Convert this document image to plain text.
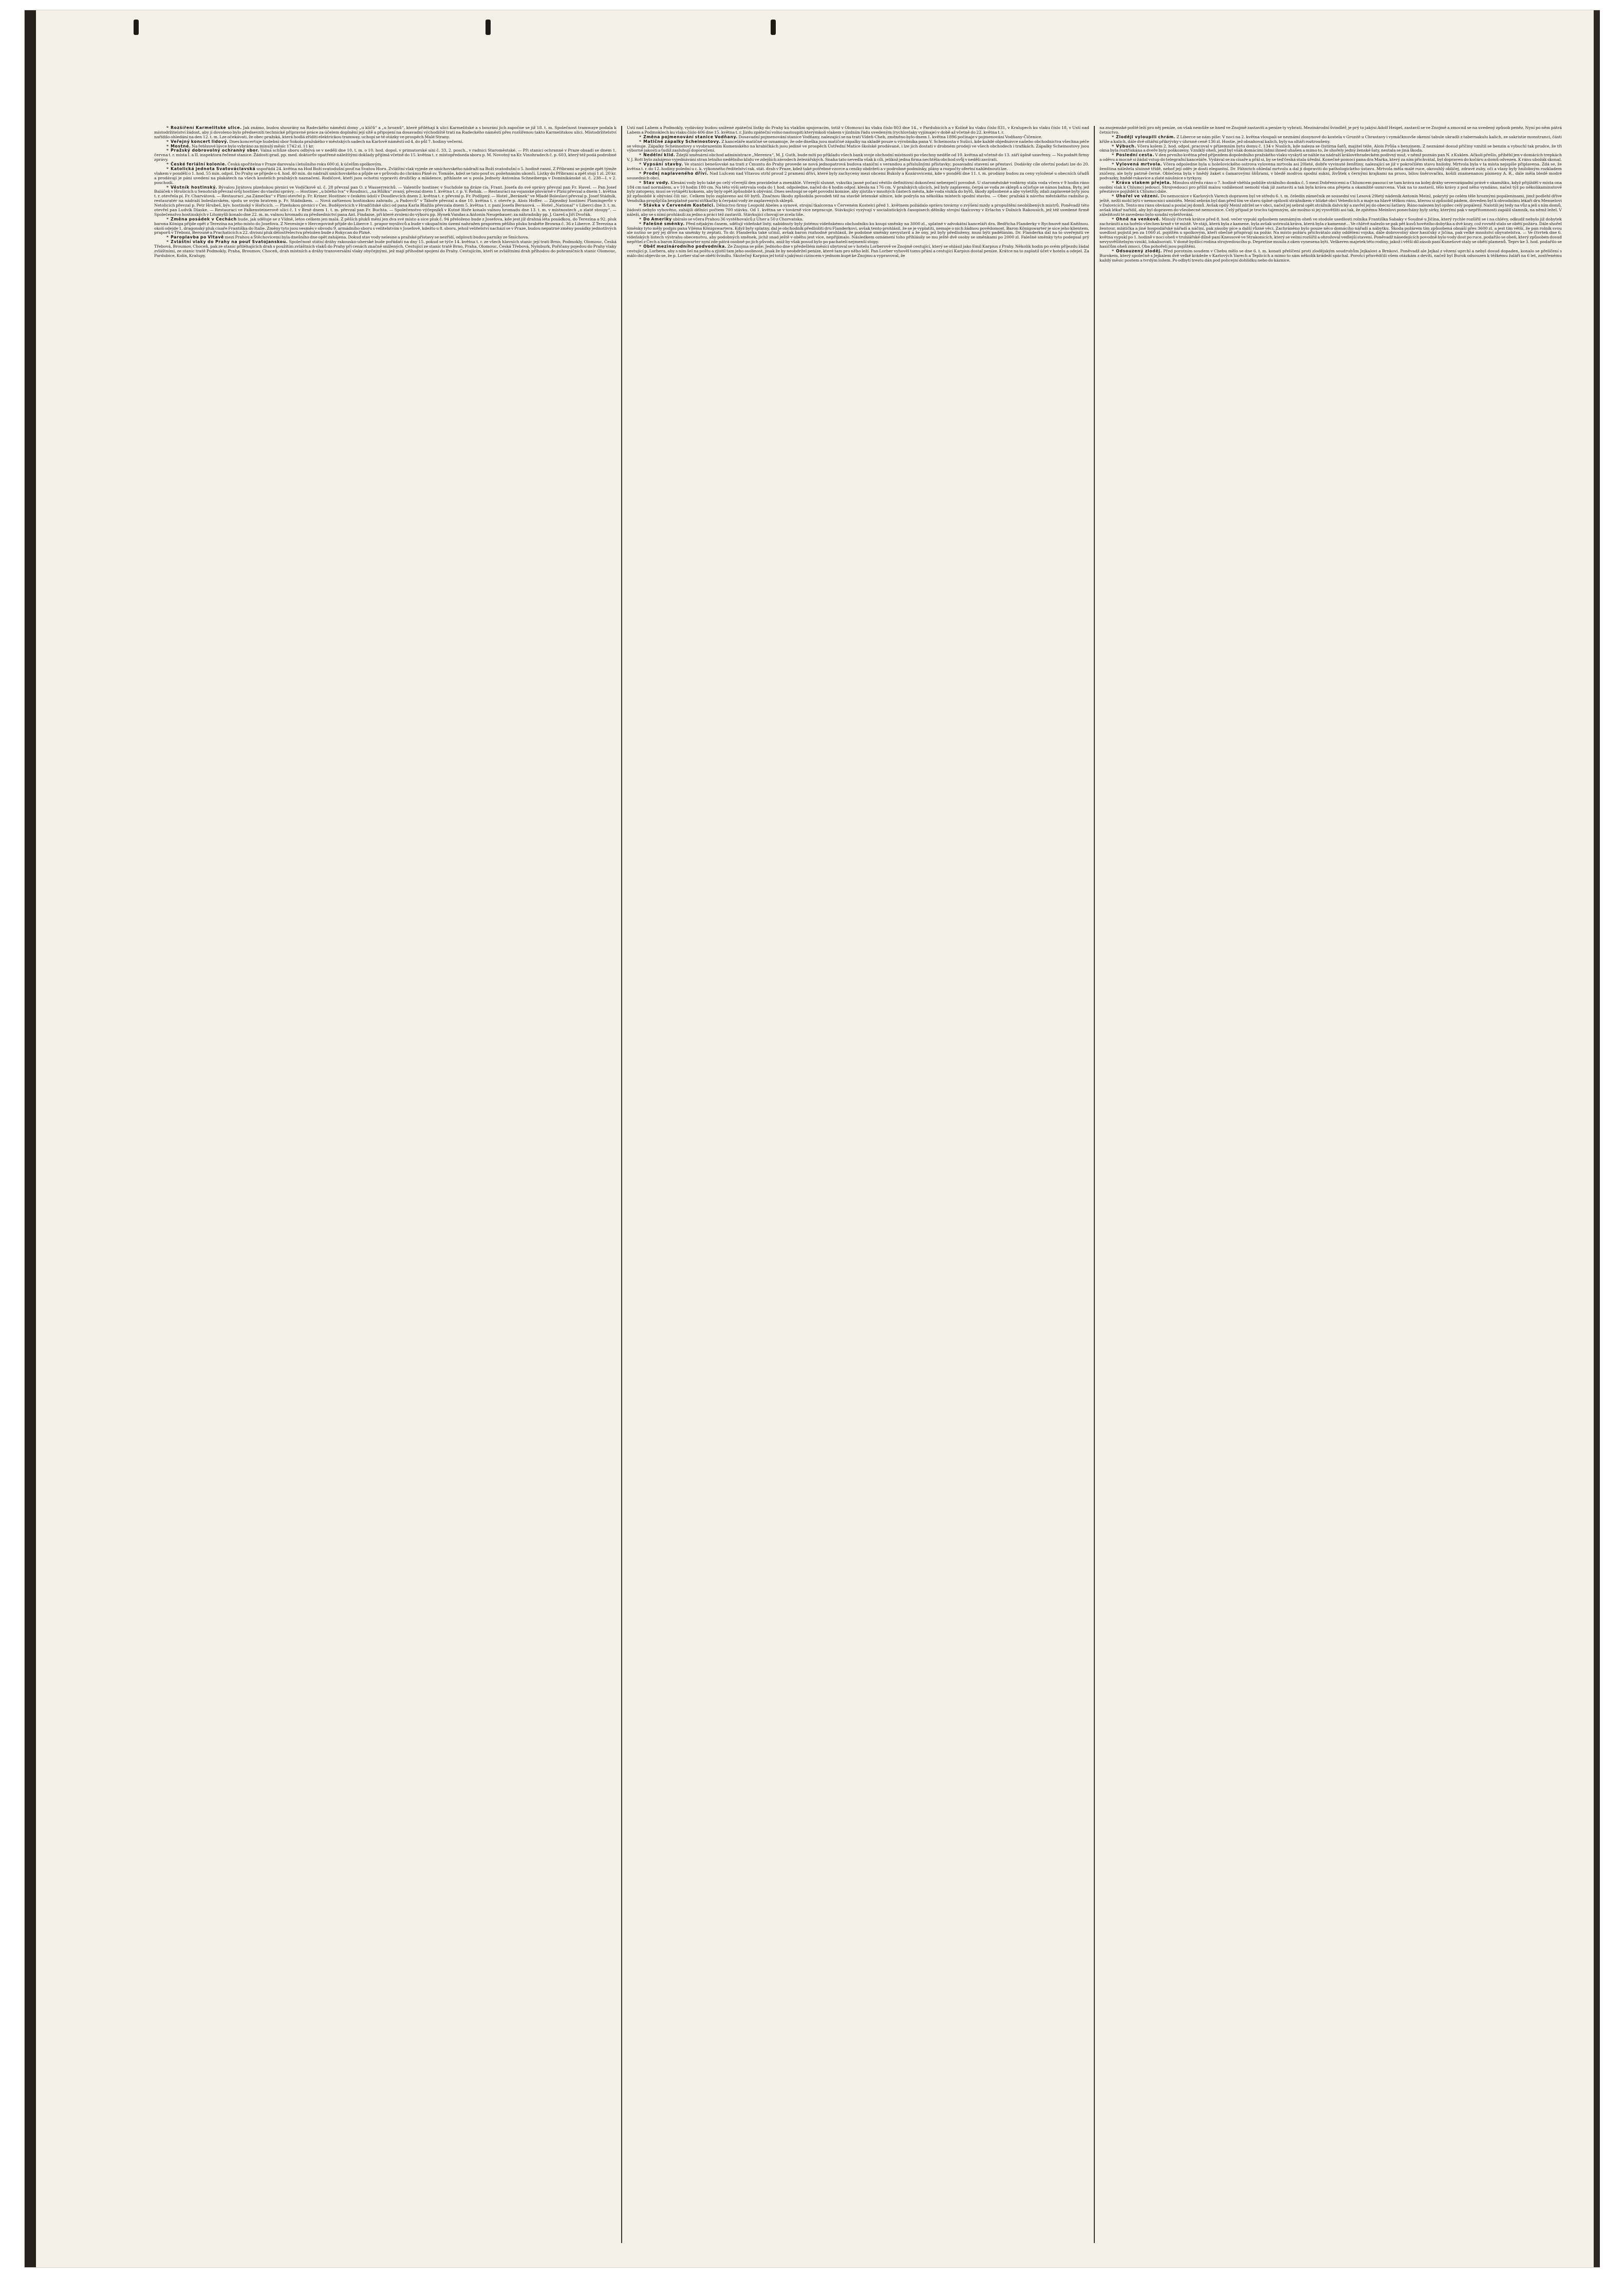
* Rozšíření Karmelitské ulice. Jak známo, budou shourány na Radeckého náměstí domy „u klíčů“ a „u hroznů“, které přiléhají k ulici Karmelitské a s bourání jich započne se již 18. t. m. Společnost tramwaye podala k místodržitelství žádost, aby jí dovoleno bylo předsevzíti technické přípravné práce za účelem doplnění její sítě a připojení na dosavadní východiště trati na Radeckého náměstí přes rozšířenou takto Karmelitskou ulici. Místodržitelství nařídilo ohledání na den 12. t. m. Lze očekávati, že obec pražská, která hodlá zříditi elektrickou tramway, uchopí se té otázky ve prospěch Malé Strany.

* Veřejný koncert lidový. Dnes koncertuje hudební sbor Sokola pražského v městských sadech na Karlově náměstí od 4. do půl 7. hodiny večerní.

* Mostné. Na řetězové lávce bylo vybráno za minulý měsíc 1742 zl. 11 kr.

* Pražský dobrovolný ochranný sbor. Valná schůze sboru odbývá se v neděli dne 10. t. m. o 10. hod. dopol. v primatorské síni č. 33, 2. posch., v radnici Staroměstské. — Při stanici ochranné v Praze obsadí se dnem 1. června t. r. místa I. a II. inspektora řečené stanice. Žádosti grad. pp. med. doktorův opatřené náležitými doklady přijímá včetně do 15. května t. r. místopředseda sboru p. M. Novotný na Kr. Vinohradech č. p. 603, který též podá podrobné zprávy.

* České feriální kolonie. Česká spořitelna v Praze darovala i letošního roku 600 zl. k účelům spolkovým.

* Katolická jednota Svatováclavská uspořádá 24. května na Hod Boží svatodušní pouť na Svatou Horu. Zvláštní vlak vyjede ze smíchovského nádraží na Boží svatodušní o 5. hodině ranní. Z Příbrami se pojede zpět týmže vlakem v pondělí o 1. hod. 55 min. odpol. Do Prahy se přijede o 4. hod. 40 min. do nádraží smíchovského a půjde se v průvodu do chrámu Páně sv. Tomáše, kdež se tato pouť sv. požehnáním ukončí. Lístky do Příbrami a zpět stojí 1 zl. 20 kr. a prodávají je páni uvedení na plakátech na všech kostelích pražských naznačení. Rodičové, kteří jsou ochotni vypraviti družičky a mládence, přihlaste se u posla Jednoty Antonína Schneiberga v Dominikánské ul. č. 238—I. v 2. poschodí.

* Věstník hostinský. Bývalou Jirátovu plzeňskou pivnici ve Vodičkově ul. č. 28 převzal pan O. z Wasserreichů. — Valentův hostinec v Suchdole na dráze cís. Frant. Josefa do své správy převzal pan Fr. Havel. — Pan Josef Baláček v Hrušicích u Senohrab převzal svůj hostinec do vlastní správy. — Hostinec „u bílého lva“ v Roudnici, „na Růžku“ zvaný, převzal dnem 1. května t. r. p. V. Řehák. — Restauraci na vojanské plovárně v Plzni převzal a dnem 1. května t. r. otevřela pí. Fr. Charvátová. — Restauraci „na Zámečku“ v Plzni otevřel p. Fr. Kriner. Hostinec v českém údolí v Doudlevcích dnem 2. května t. r. převzal p. Fr. Podlipný. — Hotel „Beránek“ ve Mladé Boleslavi převzal p. Josef Stádník, restauratér na nádraží boleslavském, spolu se svým bratrem p. Fr. Stádníkem. — Nová zařízenou hostinskou zahradu „u Padovců“ v Táboře převzal a dne 10. května t. r. otevře p. Alois Hoffer. — Zájezdný hostinec Plamingerův v Netolicích převzal p. Petr Hrubeš, býv. hostinský v Hořicích. — Plzeňskou pivnici v Čes. Budějovicích v Hradčitské ulici od pana Karla Blažila převzala dnem 5. května t. r. paní Josefa Berauová. — Hotel „National“ v Liberci dne 3. t. m. otevřel pan Ludvík Dlaske. — Restauraci ve Falkensteinerově ulici č. 1 v Brně dnem 1. t. m. převzal pan Fr. Buchta. — Společenstvo výčepníků v Kutné Hoře konalo valnou hromadu dne 13. t. m. v místnostech „u zlaté stoupy“. — Společenstvo hostinských v Litomyšli konalo dne 22. m. m. valnou hromadu za předsednictví pana Ant. Findaise, při které zvoleni do výboru pp. Hynek Vandas a Antonín Neugebauer; za náhradníky pp. J. Gareš a Jiří Dvořák.

* Změna posádek v Čechách bude, jak sděluje se z Vídně, letos celkem jen malá. Z pěších pluků mění jen dva své místo a sice pluk č. 94 přeloženo bude z Josefova, kde jest jíž drahná léta posádkou, do Terezína a 92. pluk barona Königa přijde opět z Terezína na jeho místo do Josefova. Z Nevesinje v Hercegovině přijde do Liberce 1. prapor myslivců a bude v okupačním území nahražen praporem pěšího pluku hraběte Browna č. 36 z Liberce. Z Terezína a okolí odejde 1. dragonský pluk císaře Františka do Italie. Změny tyto jsou vesměs v obvodu 9. armádního sboru s velitelstvím v Josefově, kdežto u 8. sboru, jehož velitelství nachází se v Praze, budou nepatrné změny posádky jednotlivých praporů v Třeboni, Berouně a Prachaticích a 22. divisní pluk dělostřelectva přeložen bude z Rokycan do Plzně.

* Paroplavba po Vltavě mezi Prahou a Štěchovicemi byla dnešního dne opět zahájena. Dokud stav vody nelesne a pražské přístavy se nezřídí, odplouti budou parníky ze Smíchova.

* Zvláštní vlaky do Prahy na pouť Svatojanskou. Společnost státní dráhy rakousko-uherské bude pořádati na dny 15. pokud se týče 14. května t. r. ze všech hlavních stanic její trati Brno, Podmokly, Olomouc, Česká Třebová, Broumov, Choceň, pak ze stanic přiléhajících drah s použitím zvláštních vlaků do Prahy při cenách značně snížených. Cestující ze stanic tratě Brno, Praha, Olomouc, Česká Třebová, Nymburk, Pořičany pojedou do Prahy vlaky zvláštními, ze stanic tratě Podmokly, Praha, Broumov, Choceň, drah místních a dráhy transversální vlaky obyčejnými, jež mají příhodné spojení do Prahy. Cestujícím, kteří se zvláštními drah příhodou do pohraničních stanic Olomouc, Pardubice, Kolín, Kralupy,

Ústí nad Labem a Podmokly, vydávány budou snížené zpáteční lístky do Prahy ku vlakům spojovacím, totiž v Olomouci ku vlaku číslo 803 dne 14., v Pardubicích a v Kolíně ku vlaku číslo 831, v Kralupech ku vlaku číslo 18, v Ústí nad Labem a Podmoklech ku vlaku číslo 406 dne 15. května t. r. Jízdu zpáteční volno nastoupiti kterýmkoli vlakem v jízdním řádu uvedeným (rychlovlaky vyjímaje) v době až včetně do 22. května t. r.

* Změna pojmenování stanice Vodňany. Dosavadní pojmenování stanice Vodňany, nalezající se na trati Vídeň-Cheb, změněno bylo dnem 1. května 1896 počínaje v pojmenování Vodňany-Čičenice.

* Matičné zápalky Scheinostovy. Z kanceláře matičné se oznamuje, že ode dneška jsou matičné zápalky na skladě pouze u výrobníka pana V. Scheinosta v Sušici, kde každé objednávce našeho obchodnictva všechna péče se věnuje. Zápalky Scheinostovy s vyobrazením Komenského na krabičkách jsou jediné ve prospěch Ústřední Matice školské prodávané, i lze jich dostati v drobném prodeji ve všech obchodech i trafikách. Zápalky Scheinostovy jsou výborné jakosti a tudíž zasluhují doporučení.

* Nedělní klid. Ždejší směnární obchod administrace „Merenra“, M. J. Guth, bude míti po příkladu všech bank svoje obchodní místnosti po všechny neděle od 10. května až včetně do 13. září úplně uzavřeny. — Na podnět firmy V. J. Rott bylo zahájeno vyjednávání stran letního nedělního klidu ve zdejších závodech železářských. Snaha tato nevedla však k cíli, jelikož jedna firma nechtěla obchod svůj v neděli zavírati.

* Vypsání stavby. Ve stanici benešovské na trati z Čmuntu do Prahy provede se nová jednopatrová budova staniční s verandou a příslušnými přístavky; posavadní stavení se přestaví. Dodávky cíle ofertní podati lze do 20. května t. r. do 12. hodiny polední u c. k. výkonného ředitelství rak. stát. drah v Praze, kdež také potřebné vzorce a ceníky obdržeti a v podrobné podmínky, plány a rozpočty ofertní nahlédnouti lze.

* Prodej naplaveného dříví. Nad Lužcem nad Vltavou strhl proud 2 pramení dříví, které byly zachyceny mezi obcemi Bukoly a Kozárovicemi, kde v pondělí dne 11. t. m. prodány budou za ceny vyložené u obecních úřadů sousedních obcí.

* Stav vody. Klesání vody bylo také po celý včerejší den pravidelné a znenáhlé. Včerejší slunné, vskutku jasné počasí věstilo definitivní dokončení nebezpečí povodně. U staroměstské vodárny stála voda včera v 9 hodin ráno 184 cm nad normálem, a v 10 hodin 180 cm. Na této výši setrvala voda do 1 hod. odpoledne, načež do 4 hodin odpol. klesla na 176 cm. V pražských ulicích, jež byly zaplaveny, čerpá se voda ze sklepů a očisťuje se nános bahna. Byty, jež byly zatopeny, musí se vytápěti koksem, aby byly opět způsobilé k obývání. Dnes sestoupí se opět povodní komise, aby zjistila v mnohých částech města, kde voda vnikla do bytů, škody způsobené a aby vyšetřily, zdali zaplavené byty jsou již způsobilé k obývání čili nic. Celkem bylo zaplaveno asi 60 bytů. Značnou škodu způsobila povodeň též na stavbě letenské silnice, kde podryla na několika místech spodní stavbu. — Obec pražská k návrhu městského radního p. Vendulka propůjčila bezplatně parní stříkačky k čerpání vody ze zaplavených sklepů.

* Stávka v Červeném Kostelci. Dělnictvo firmy Leopold Abeles a synové, strojní tkalcovna v Červeném Kostelci před 1. květnem požádalo správu továrny o zvýšení mzdy a propuštění neoblíbených mistrů. Poněvadž této žádosti nebylo vyhověno, zahájili dělníci počtem 700 stávku. Od 1. května se v továrně více nepracuje. Stávkující vyzývají v socialistických časopisech dělníky strojní tkalcovny v Erlachn v Dolních Rakousích, jež též uvedené firmě náleží, aby se s nimi prohlásili za jedno a práci též zastavili. Stávkující chovají se zcela tiše.

* Do Ameriky ubíralo se včera Prahou 36 vystěhovalců z Uher a 50 z Chorvatska.

* Falešné směnky. Před nějakým časem, sdělují vídeňské listy, nabídnuty byly jistému vídeňskému obchodníku ku koupi směnky na 3000 zl., splatné v advokátní kanceláři dra. Bedřicha Flanderky v Rychnově nad Kněžnou. Směnky tyto měly podpis pana Viléma Königswartera. Když byly splatny, dal je obchodník předložiti dru Flanderkovi, avšak tento prohlásil, že se je vyplatiti, nemaje o nich žádnou povědomost. Baron Königswarter je sice jeho klientem, ale nutno se prý jej dříve na směnky ty zeptati. To dr. Flanderka také učinil, avšak baron rozhodně prohlásil, že podobné směnky nevystavil a že ony, jež byly předloženy, musí býti paděláním. Dr. Flanderka dal na to uveřejniti ve vídeňských listech výstrahu obecenstvu, aby podobných směnek, jichž snad ještě v oběhu jest více, nepřijímalo. Následkem oznámení toho přihlásily se mu ještě dvě osoby se směnkami po 2000 zl. Falešné směnky tyto podepsal prý nepřítel z Čech a baron Königswarter nyní zde pátrá osobně po jich původu, aniž by však posud bylo po pachateli nejmenší stopy.

* Oběť mezinárodního podvodníka. Ze Znojma se píše: Jednoho dne v předešlém měsíci ubytoval se v hotelu Lorberově ve Znojmě cestující, který se ohlásil jako Emil Karpius z Prahy. Několik hodin po svém příjezdu žádal cestující p. Lorbera, aby s ním šel na poštu a zjistil tam jeho osobnost, jinak že by neobdržel peníze, které tam pro něho leží. Pan Lorber vyhověl tomu přání a cestující Karpius dostal peníze. Krátce na to zaplatil účet v hotelu a odejel. Za málo dní objevilo se, že p. Lorber stal se obětí švindlu. Skutečný Karpius jel totiž s jakýmsi cizincem v jednom kupé ke Znojmu a vypravoval, že

na znojemské poště leží pro něj peníze, on však nemůže se hned ve Znojmě zastaviti a peníze ty vybrati. Mezinárodní švindléř, je prý to jakýsi Adolf Heigel, zastavil se ve Znojmě a zmocnil se na uvedený způsob peněz. Nyní po něm pátrá četnictvo.

* Zloději vyloupili chrám. Z Liberce se nám píše: V noci na 2. května vloupali se neznámí zlosynové do kostela v Gruntě u Chrastavy i vymáčknuvše okenní tabule ukradli z tabernakulu kalich, ze sakristie monstranci, části kříže a kalich, dále dvě oltářní přikrývky v úhrnné ceně 136 zl. Hostie, jež obsahoval kalich, byly na oltáři roztroušeny.

* Výbuch. Včera kolem 2. hod. odpol. pracoval v přízemním bytu domu č. 134 v Nuslích, kde naleza se čistírna šatů, majitel téže, Alois Průša s benzinem. Z neznámé dosud příčiny vznítil se benzin a vybuchl tak prudce, že tři okna byla roztřískána a dveře byly poškozeny. Vzniklý oheň, jenž byl však domácími lidmi ihned uhašen a mimo to, že shořely jedny ženské šaty, nestala se jiná škoda.

* Poslední cesta. V den prvního května před příjezdem dopoledního pražského vlaku vyskytl se náhle na nádraží královéhradeckém podivný muž, v němž poznán pan N. z Kuklen. Ačkoli přešlo, přiběhl jen v domácích trepkách a oděvu a mocně si žádal vstup do telegrafní kanceláře. Vydával se za císaře a přál si, by se teď česká stala úřední. Konečně pomocí pana dra Marka, který za ním přichvátal, byl dopraven do kočáru a domů odvezen. K ránu ubožák skonal.

* Vylovená mrtvola. Včera odpoledne byla u holešovického ostrova vylovena mrtvola asi 20leté, dobře vyvinuté ženštiny, nalezající se již v pokročilém stavu hniloby. Mrtvola byla v ta místa nejspíše připlavena. Zdá se, že ženština náležela sluinné třídě, neboť její oděv je dosti elegantní. Dr. Fähnrich ohledal mrtvolu a dal ji dopraviti do pathologického ústavu. Mrtvola měla malé ruce, okrouhlý obličej, zdravé zuby, oči a vlasy byly hnilobným rozkladem zničeny, ale byly patrně černé. Oblečena byla v hnědý žaket s čamarovými šňůrami, v bledě modrou spodní sukni, živůtek s černými krajkami na prsou, bílou šněrovačku, košili znamenanou písmeny A. R., dále měla bledě modré podvazky, hnědé rukavice a zlaté náušnice s tyrkysy.

* Kráva vlakem přejeta. Minulou středu ráno o 7. hodině vběhla poblíže strážního domku č. 5 mezi Dobřenicemi a Chlumcem pasoucí se tam kráva na kolej dráhy severozápadní právě v okamžiku, když přijížděl v místa ona osobní vlak k Chlumci jedoucí. Strojvedoucí pro příliš malou vzdálenost nemohl vlak již zastaviti a tak byla kráva ona přejeta a okamžitě usmrcena. Vlak na to zastavil, tělo krávy z pod něho vyndáno, načež týž po několikaminutové přestávce pojížděl k Chlumci dále.

* Uhořel ve vězení. Do nemocnice v Karlových Varech dopraven byl ve středu 6. t. m. čeledín zámečník ze sousední vsi Lesová 29letý nádeník Antonín Meinl, pokrytý po celém těle hroznými popáleninami, jimž podlehl dříve ještě, nežli mohl býti v nemocnici umístěn. Meinl sebrán byl dan před tím ve stavu úplné opilosti strážníkem v blízké obci Vebedicích a maje na hlavě těžkou ránu, kterou si způsobil pádem, doveden byl k obvodnímu lékaři dru Menselovi v Dalovicích. Tento mu ránu obvázal a poslal jej domů. Avšak opilý Meinl zdržel se v obci, načež jej sebral opět strážník dalvický a zavřel jej do obecní šatlavy. Ráno nalezen byl opilec celý popálený. Nalotili jej tedy na vůz a jeli s ním domů, avšak lékař nařídil, aby byl dopraven do všeobecné nemocnice. Celý případ je trochu tajemným, ale možno si jej vysvětliti asi tak, že zpitému Meinlovi ponechány byly sirky, kterými pak v nepřítomnosti zapálil slamník, na němž ležel. V záležitosti té zavedeno bylo soudní vyšetřování.

* Ohně na venkově. Minulý čtvrtek krátce před 8. hod. večer vypukl způsobem neznámým oheň ve stodole usedlosti rolníka Františka Sabaky v Soudné u Jičína, který rychle rozšířil se i na chlévy, odkudž nebylo již dobytek zachrániti a na hořelo všechen krmě v té místě. Ve stáji, která byla z kamene, byla avšak ustrnulá kráva, která byla z kamenné... Ve chlévě nalezlo se pak pět kusů hovězího dobytka a dvě kozy, což rovněž stalo se obětí požáru. Dále shořel žentour, mlátička a jiné hospodářské nářadí a náčiní, pak zásoby píce a další různé věci. Zachráněno bylo pouze něco domácího nářadí a nábytku. Škoda požárem tím způsobená obnáší přes 3600 zl. a jest tím větší, že pan rolník svou usedlost pojistil jen za 1060 zl. pojištěn u spolkovým, kteří obečně přispívají na požár. Na místo požáru přichvátalo záhy oddělení vojska, dále dobrovolný sbor hasičský z Jičína, pak velké množství obyvatelstva. — Ve čtvrtek dne 6. května vypukl po 1. hodině v noci oheň v truhlářské dílně paní Knessové ve Strakonicích, který se velmi rozšířil a ohrožoval vedlejší stavení. Poněvadž násedejících povodně bylo vody dost po ruce, podařilo se oheň, který způsoben dosud nevysvětlitelným vznikl, lokalisovati. V domě bydlící rodina strojvedoucího p. Depretise musila z oken vynesena býti. Veškeren majetek této rodiny, jakož i větší díl zásob paní Kunešové staly se obětí plamenů. Teprv ke 3. hod. podařilo se hasičům oheň zmoci. Oba pohořelí jsou pojištěni.

* Odsouzený zloděj. Před porotním soudem v Chebu mělo se dne 6. t. m. konati přelíčení proti zlodějským soudruhům Jejkalovi a Brnkovi. Poněvadž ale Jejkal z vězení uprchl a nebyl dosud dopaden, konalo se přelíčení s Burokem, který společně s Jejkalem dvě velké krádeže v Karlových Varech a Teplicích a mimo to sám několik krádeží spáchal. Porotci přisvědčili všem otázkám z devíti, načež byl Burok odsouzen k těžkému žaláři na 6 let, zostřenému každý měsíc postem a tvrdým ložem. Po odbytí trestu dán pod policejní dohlídku nebo do káznice.
